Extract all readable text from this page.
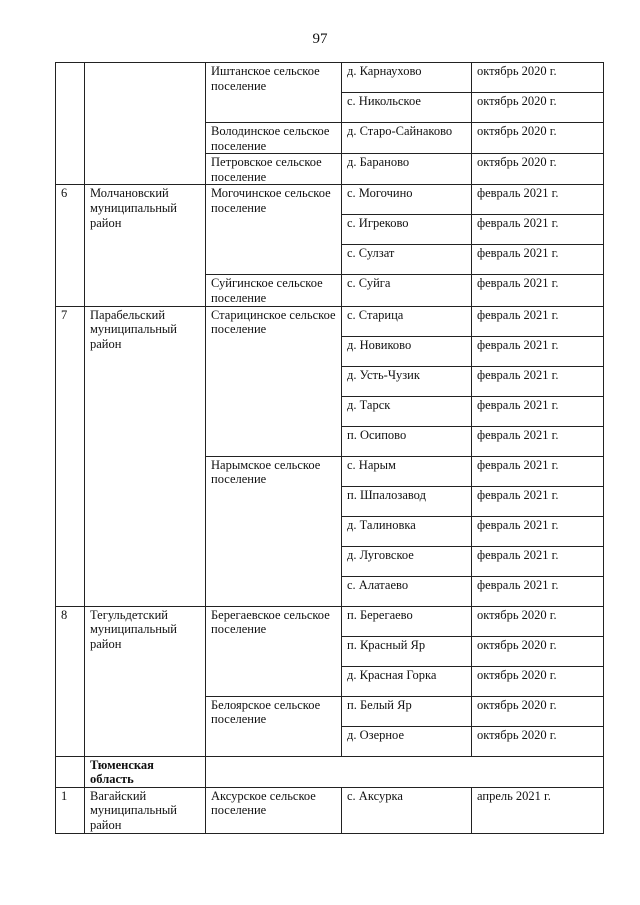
97
		Иштанское сельское поселение	д. Карнаухово	октябрь 2020 г.
			с. Никольское	октябрь 2020 г.
		Володинское сельское поселение	д. Старо-Сайнаково	октябрь 2020 г.
		Петровское сельское поселение	д. Бараново	октябрь 2020 г.
6	Молчановский муниципальный район	Могочинское сельское поселение	с. Могочино	февраль 2021 г.
			с. Игреково	февраль 2021 г.
			с. Сулзат	февраль 2021 г.
		Суйгинское сельское поселение	с. Суйга	февраль 2021 г.
7	Парабельский муниципальный район	Старицинское сельское поселение	с. Старица	февраль 2021 г.
			д. Новиково	февраль 2021 г.
			д. Усть-Чузик	февраль 2021 г.
			д. Тарск	февраль 2021 г.
			п. Осипово	февраль 2021 г.
		Нарымское сельское поселение	с. Нарым	февраль 2021 г.
			п. Шпалозавод	февраль 2021 г.
			д. Талиновка	февраль 2021 г.
			д. Луговское	февраль 2021 г.
			с. Алатаево	февраль 2021 г.
8	Тегульдетский муниципальный район	Берегаевское сельское поселение	п. Берегаево	октябрь 2020 г.
			п. Красный Яр	октябрь 2020 г.
			д. Красная Горка	октябрь 2020 г.
		Белоярское сельское поселение	п. Белый Яр	октябрь 2020 г.
			д. Озерное	октябрь 2020 г.
	Тюменская область			
1	Вагайский муниципальный район	Аксурское сельское поселение	с. Аксурка	апрель 2021 г.
